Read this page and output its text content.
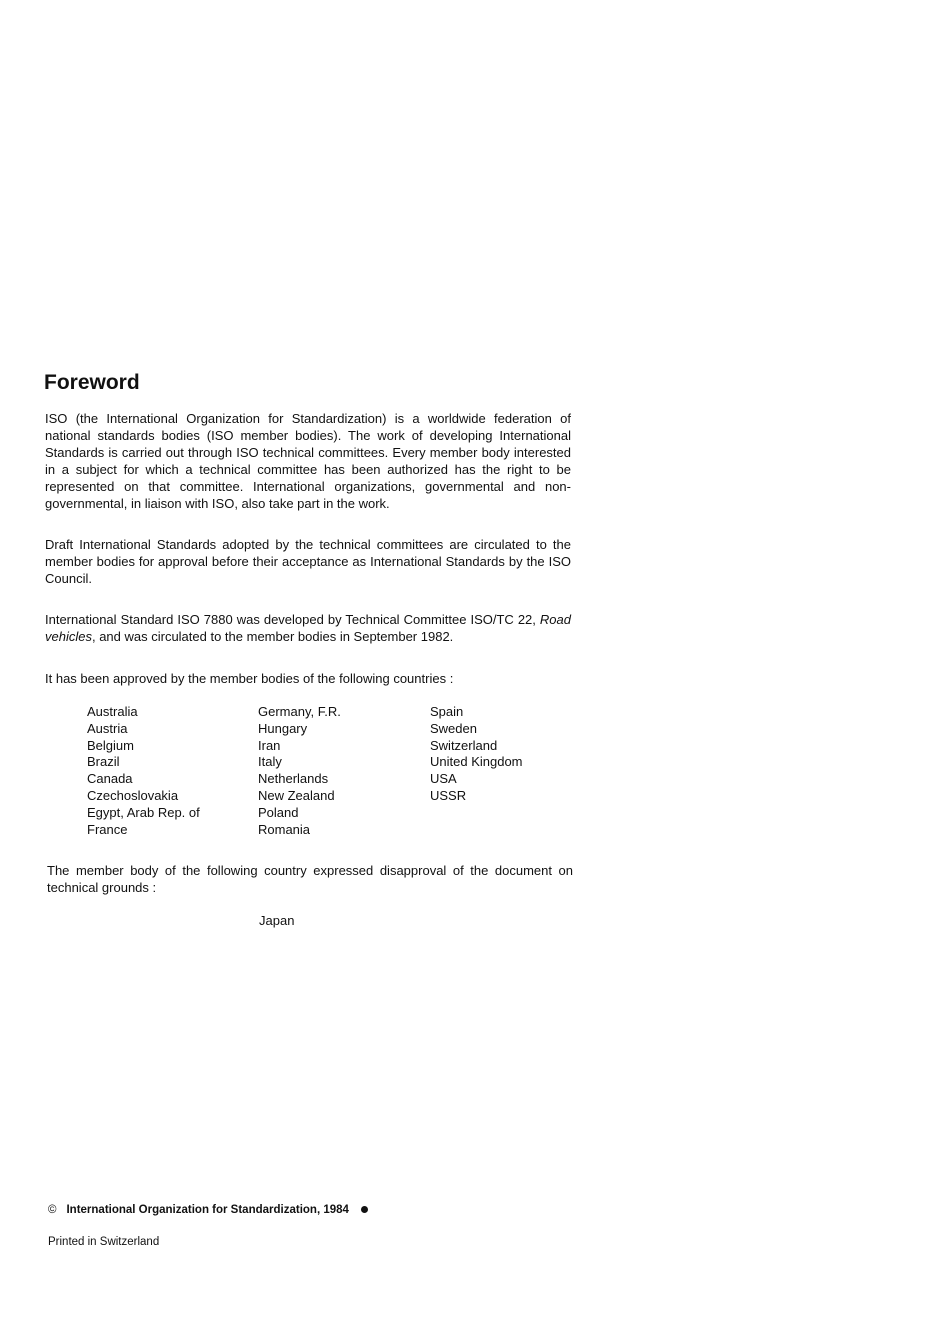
Foreword

ISO (the International Organization for Standardization) is a worldwide federation of national standards bodies (ISO member bodies). The work of developing International Standards is carried out through ISO technical committees. Every member body interested in a subject for which a technical committee has been authorized has the right to be represented on that committee. International organizations, governmental and non-governmental, in liaison with ISO, also take part in the work.

Draft International Standards adopted by the technical committees are circulated to the member bodies for approval before their acceptance as International Standards by the ISO Council.

International Standard ISO 7880 was developed by Technical Committee ISO/TC 22, Road vehicles, and was circulated to the member bodies in September 1982.

It has been approved by the member bodies of the following countries :

Australia
Austria
Belgium
Brazil
Canada
Czechoslovakia
Egypt, Arab Rep. of
France
Germany, F.R.
Hungary
Iran
Italy
Netherlands
New Zealand
Poland
Romania
Spain
Sweden
Switzerland
United Kingdom
USA
USSR

The member body of the following country expressed disapproval of the document on technical grounds :

Japan

© International Organization for Standardization, 1984

Printed in Switzerland
